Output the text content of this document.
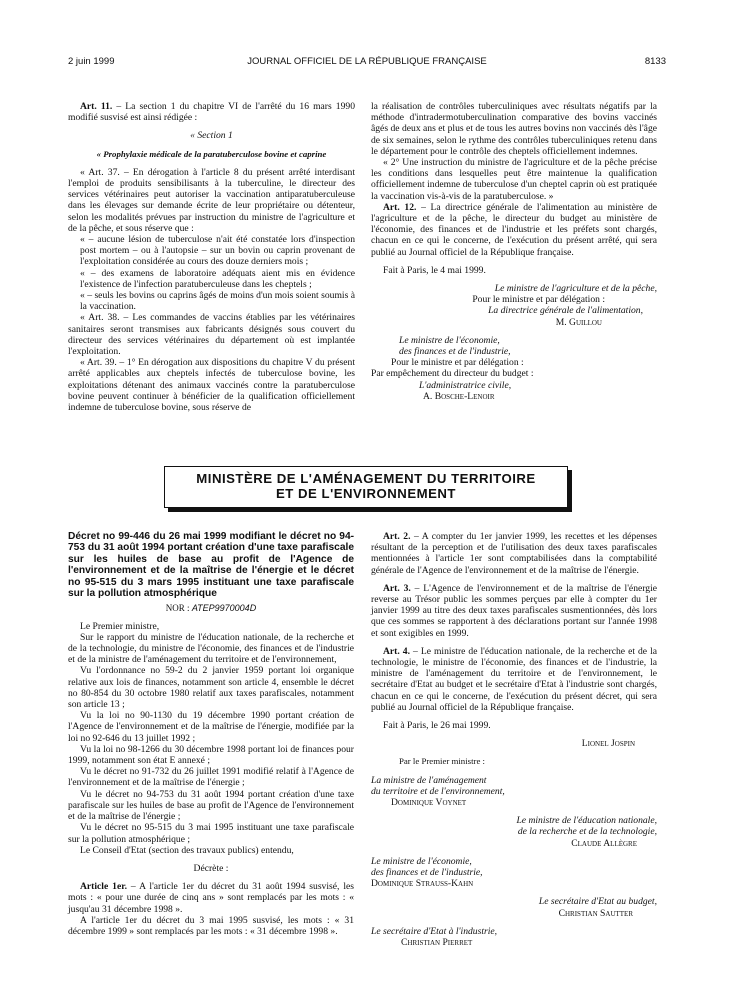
2 juin 1999	JOURNAL OFFICIEL DE LA RÉPUBLIQUE FRANÇAISE	8133

Art. 11. – La section 1 du chapitre VI de l'arrêté du 16 mars 1990 modifié susvisé est ainsi rédigée :

« Section 1

« Prophylaxie médicale de la paratuberculose bovine et caprine

« Art. 37. – En dérogation à l'article 8 du présent arrêté interdisant l'emploi de produits sensibilisants à la tuberculine, le directeur des services vétérinaires peut autoriser la vaccination antiparatuberculeuse dans les élevages sur demande écrite de leur propriétaire ou détenteur, selon les modalités prévues par instruction du ministre de l'agriculture et de la pêche, et sous réserve que :

« – aucune lésion de tuberculose n'ait été constatée lors d'inspection post mortem – ou à l'autopsie – sur un bovin ou caprin provenant de l'exploitation considérée au cours des douze derniers mois ;

« – des examens de laboratoire adéquats aient mis en évidence l'existence de l'infection paratuberculeuse dans les cheptels ;

« – seuls les bovins ou caprins âgés de moins d'un mois soient soumis à la vaccination.

« Art. 38. – Les commandes de vaccins établies par les vétérinaires sanitaires seront transmises aux fabricants désignés sous couvert du directeur des services vétérinaires du département où est implantée l'exploitation.

« Art. 39. – 1° En dérogation aux dispositions du chapitre V du présent arrêté applicables aux cheptels infectés de tuberculose bovine, les exploitations détenant des animaux vaccinés contre la paratuberculose bovine peuvent continuer à bénéficier de la qualification officiellement indemne de tuberculose bovine, sous réserve de

la réalisation de contrôles tuberculiniques avec résultats négatifs par la méthode d'intradermotuberculination comparative des bovins vaccinés âgés de deux ans et plus et de tous les autres bovins non vaccinés dès l'âge de six semaines, selon le rythme des contrôles tuberculiniques retenu dans le département pour le contrôle des cheptels officiellement indemnes.

« 2° Une instruction du ministre de l'agriculture et de la pêche précise les conditions dans lesquelles peut être maintenue la qualification officiellement indemne de tuberculose d'un cheptel caprin où est pratiquée la vaccination vis-à-vis de la paratuberculose. »

Art. 12. – La directrice générale de l'alimentation au ministère de l'agriculture et de la pêche, le directeur du budget au ministère de l'économie, des finances et de l'industrie et les préfets sont chargés, chacun en ce qui le concerne, de l'exécution du présent arrêté, qui sera publié au Journal officiel de la République française.

Fait à Paris, le 4 mai 1999.

Le ministre de l'agriculture et de la pêche,
Pour le ministre et par délégation :
La directrice générale de l'alimentation,
M. Guillou
Le ministre de l'économie,
des finances et de l'industrie,
Pour le ministre et par délégation :
Par empêchement du directeur du budget :
L'administratrice civile,
A. Bosche-Lenoir
MINISTÈRE DE L'AMÉNAGEMENT DU TERRITOIRE
ET DE L'ENVIRONNEMENT
Décret no 99-446 du 26 mai 1999 modifiant le décret no 94-753 du 31 août 1994 portant création d'une taxe parafiscale sur les huiles de base au profit de l'Agence de l'environnement et de la maîtrise de l'énergie et le décret no 95-515 du 3 mars 1995 instituant une taxe parafiscale sur la pollution atmosphérique
NOR : ATEP9970004D

Le Premier ministre,

Sur le rapport du ministre de l'éducation nationale, de la recherche et de la technologie, du ministre de l'économie, des finances et de l'industrie et de la ministre de l'aménagement du territoire et de l'environnement,

Vu l'ordonnance no 59-2 du 2 janvier 1959 portant loi organique relative aux lois de finances, notamment son article 4, ensemble le décret no 80-854 du 30 octobre 1980 relatif aux taxes parafiscales, notamment son article 13 ;

Vu la loi no 90-1130 du 19 décembre 1990 portant création de l'Agence de l'environnement et de la maîtrise de l'énergie, modifiée par la loi no 92-646 du 13 juillet 1992 ;

Vu la loi no 98-1266 du 30 décembre 1998 portant loi de finances pour 1999, notamment son état E annexé ;

Vu le décret no 91-732 du 26 juillet 1991 modifié relatif à l'Agence de l'environnement et de la maîtrise de l'énergie ;

Vu le décret no 94-753 du 31 août 1994 portant création d'une taxe parafiscale sur les huiles de base au profit de l'Agence de l'environnement et de la maîtrise de l'énergie ;

Vu le décret no 95-515 du 3 mai 1995 instituant une taxe parafiscale sur la pollution atmosphérique ;

Le Conseil d'Etat (section des travaux publics) entendu,

Décrète :

Article 1er. – A l'article 1er du décret du 31 août 1994 susvisé, les mots : « pour une durée de cinq ans » sont remplacés par les mots : « jusqu'au 31 décembre 1998 ».

A l'article 1er du décret du 3 mai 1995 susvisé, les mots : « 31 décembre 1999 » sont remplacés par les mots : « 31 décembre 1998 ».

Art. 2. – A compter du 1er janvier 1999, les recettes et les dépenses résultant de la perception et de l'utilisation des deux taxes parafiscales mentionnées à l'article 1er sont comptabilisées dans la comptabilité générale de l'Agence de l'environnement et de la maîtrise de l'énergie.

Art. 3. – L'Agence de l'environnement et de la maîtrise de l'énergie reverse au Trésor public les sommes perçues par elle à compter du 1er janvier 1999 au titre des deux taxes parafiscales susmentionnées, dès lors que ces sommes se rapportent à des déclarations portant sur l'année 1998 et sont exigibles en 1999.

Art. 4. – Le ministre de l'éducation nationale, de la recherche et de la technologie, le ministre de l'économie, des finances et de l'industrie, la ministre de l'aménagement du territoire et de l'environnement, le secrétaire d'Etat au budget et le secrétaire d'Etat à l'industrie sont chargés, chacun en ce qui le concerne, de l'exécution du présent décret, qui sera publié au Journal officiel de la République française.

Fait à Paris, le 26 mai 1999.

Lionel Jospin
Par le Premier ministre :
La ministre de l'aménagement
du territoire et de l'environnement,
Dominique Voynet
Le ministre de l'éducation nationale,
de la recherche et de la technologie,
Claude Allègre
Le ministre de l'économie,
des finances et de l'industrie,
Dominique Strauss-Kahn
Le secrétaire d'Etat au budget,
Christian Sautter
Le secrétaire d'Etat à l'industrie,
Christian Pierret
